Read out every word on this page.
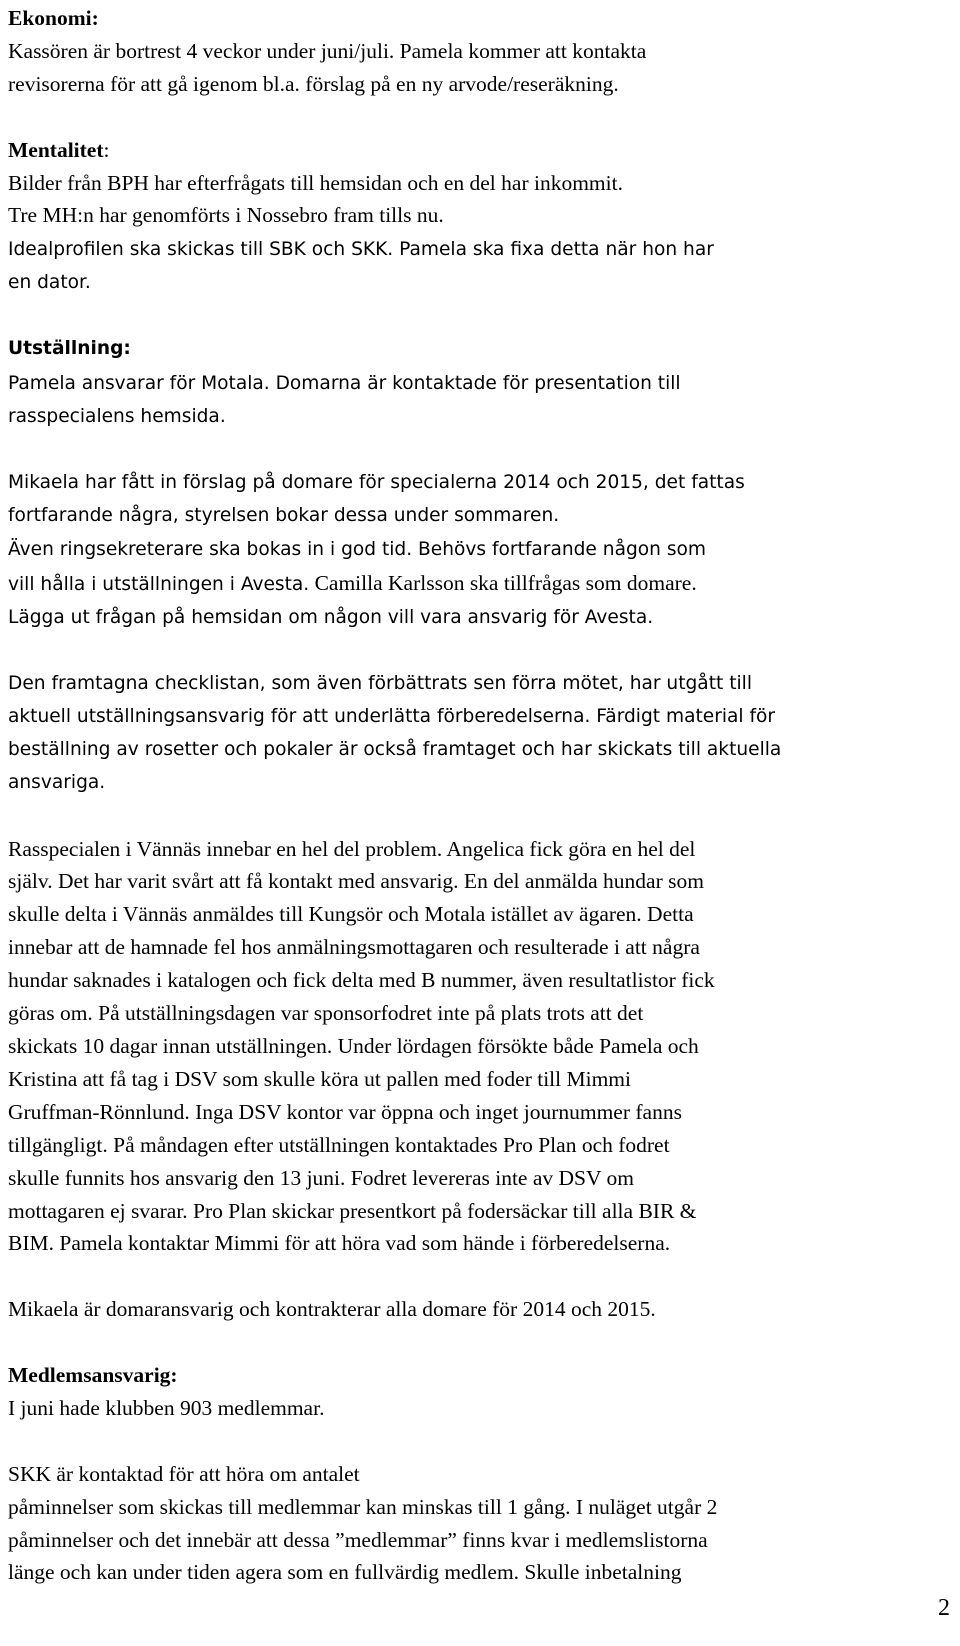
Ekonomi:
Kassören är bortrest 4 veckor under juni/juli. Pamela kommer att kontakta
revisorerna för att gå igenom bl.a. förslag på en ny arvode/reseräkning.
Mentalitet:
Bilder från BPH har efterfrågats till hemsidan och en del har inkommit.
Tre MH:n har genomförts i Nossebro fram tills nu.
Idealprofilen ska skickas till SBK och SKK. Pamela ska fixa detta när hon har
en dator.
Utställning:
Pamela ansvarar för Motala. Domarna är kontaktade för presentation till
rasspecialens hemsida.
Mikaela har fått in förslag på domare för specialerna 2014 och 2015, det fattas
fortfarande några, styrelsen bokar dessa under sommaren.
Även ringsekreterare ska bokas in i god tid. Behövs fortfarande någon som
vill hålla i utställningen i Avesta. Camilla Karlsson ska tillfrågas som domare.
Lägga ut frågan på hemsidan om någon vill vara ansvarig för Avesta.
Den framtagna checklistan, som även förbättrats sen förra mötet, har utgått till
aktuell utställningsansvarig för att underlätta förberedelserna. Färdigt material för
beställning av rosetter och pokaler är också framtaget och har skickats till aktuella
ansvariga.
Rasspecialen i Vännäs innebar en hel del problem. Angelica fick göra en hel del
själv. Det har varit svårt att få kontakt med ansvarig. En del anmälda hundar som
skulle delta i Vännäs anmäldes till Kungsör och Motala istället av ägaren. Detta
innebar att de hamnade fel hos anmälningsmottagaren och resulterade i att några
hundar saknades i katalogen och fick delta med B nummer, även resultatlistor fick
göras om. På utställningsdagen var sponsorfodret inte på plats trots att det
skickats 10 dagar innan utställningen. Under lördagen försökte både Pamela och
Kristina att få tag i DSV som skulle köra ut pallen med foder till Mimmi
Gruffman-Rönnlund. Inga DSV kontor var öppna och inget journummer fanns
tillgängligt. På måndagen efter utställningen kontaktades Pro Plan och fodret
skulle funnits hos ansvarig den 13 juni. Fodret levereras inte av DSV om
mottagaren ej svarar. Pro Plan skickar presentkort på fodersäckar till alla BIR &
BIM. Pamela kontaktar Mimmi för att höra vad som hände i förberedelserna.
Mikaela är domaransvarig och kontrakterar alla domare för 2014 och 2015.
Medlemsansvarig:
I juni hade klubben 903 medlemmar.
SKK är kontaktad för att höra om antalet
påminnelser som skickas till medlemmar kan minskas till 1 gång. I nuläget utgår 2
påminnelser och det innebär att dessa ”medlemmar” finns kvar i medlemslistorna
länge och kan under tiden agera som en fullvärdig medlem. Skulle inbetalning
2
